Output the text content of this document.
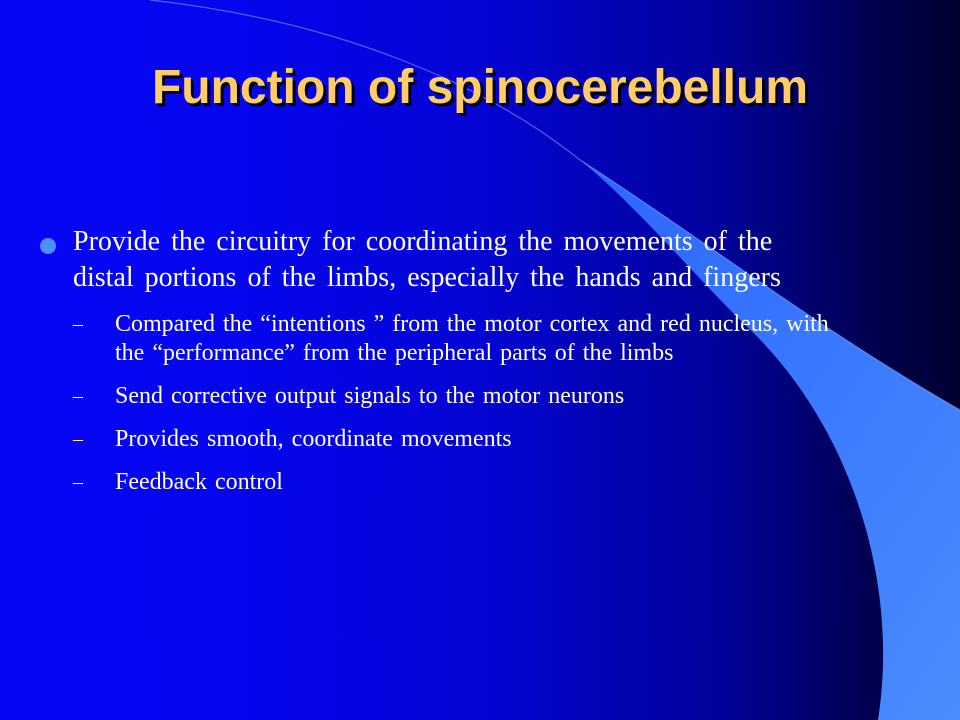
Function of spinocerebellum
Provide the circuitry for coordinating the movements of the distal portions of the limbs, especially the hands and fingers
–	Compared the “intentions ” from the motor cortex and red nucleus, with the “performance” from the peripheral parts of the limbs
–	Send corrective output signals to the motor neurons
–	Provides smooth, coordinate movements
–	Feedback control
